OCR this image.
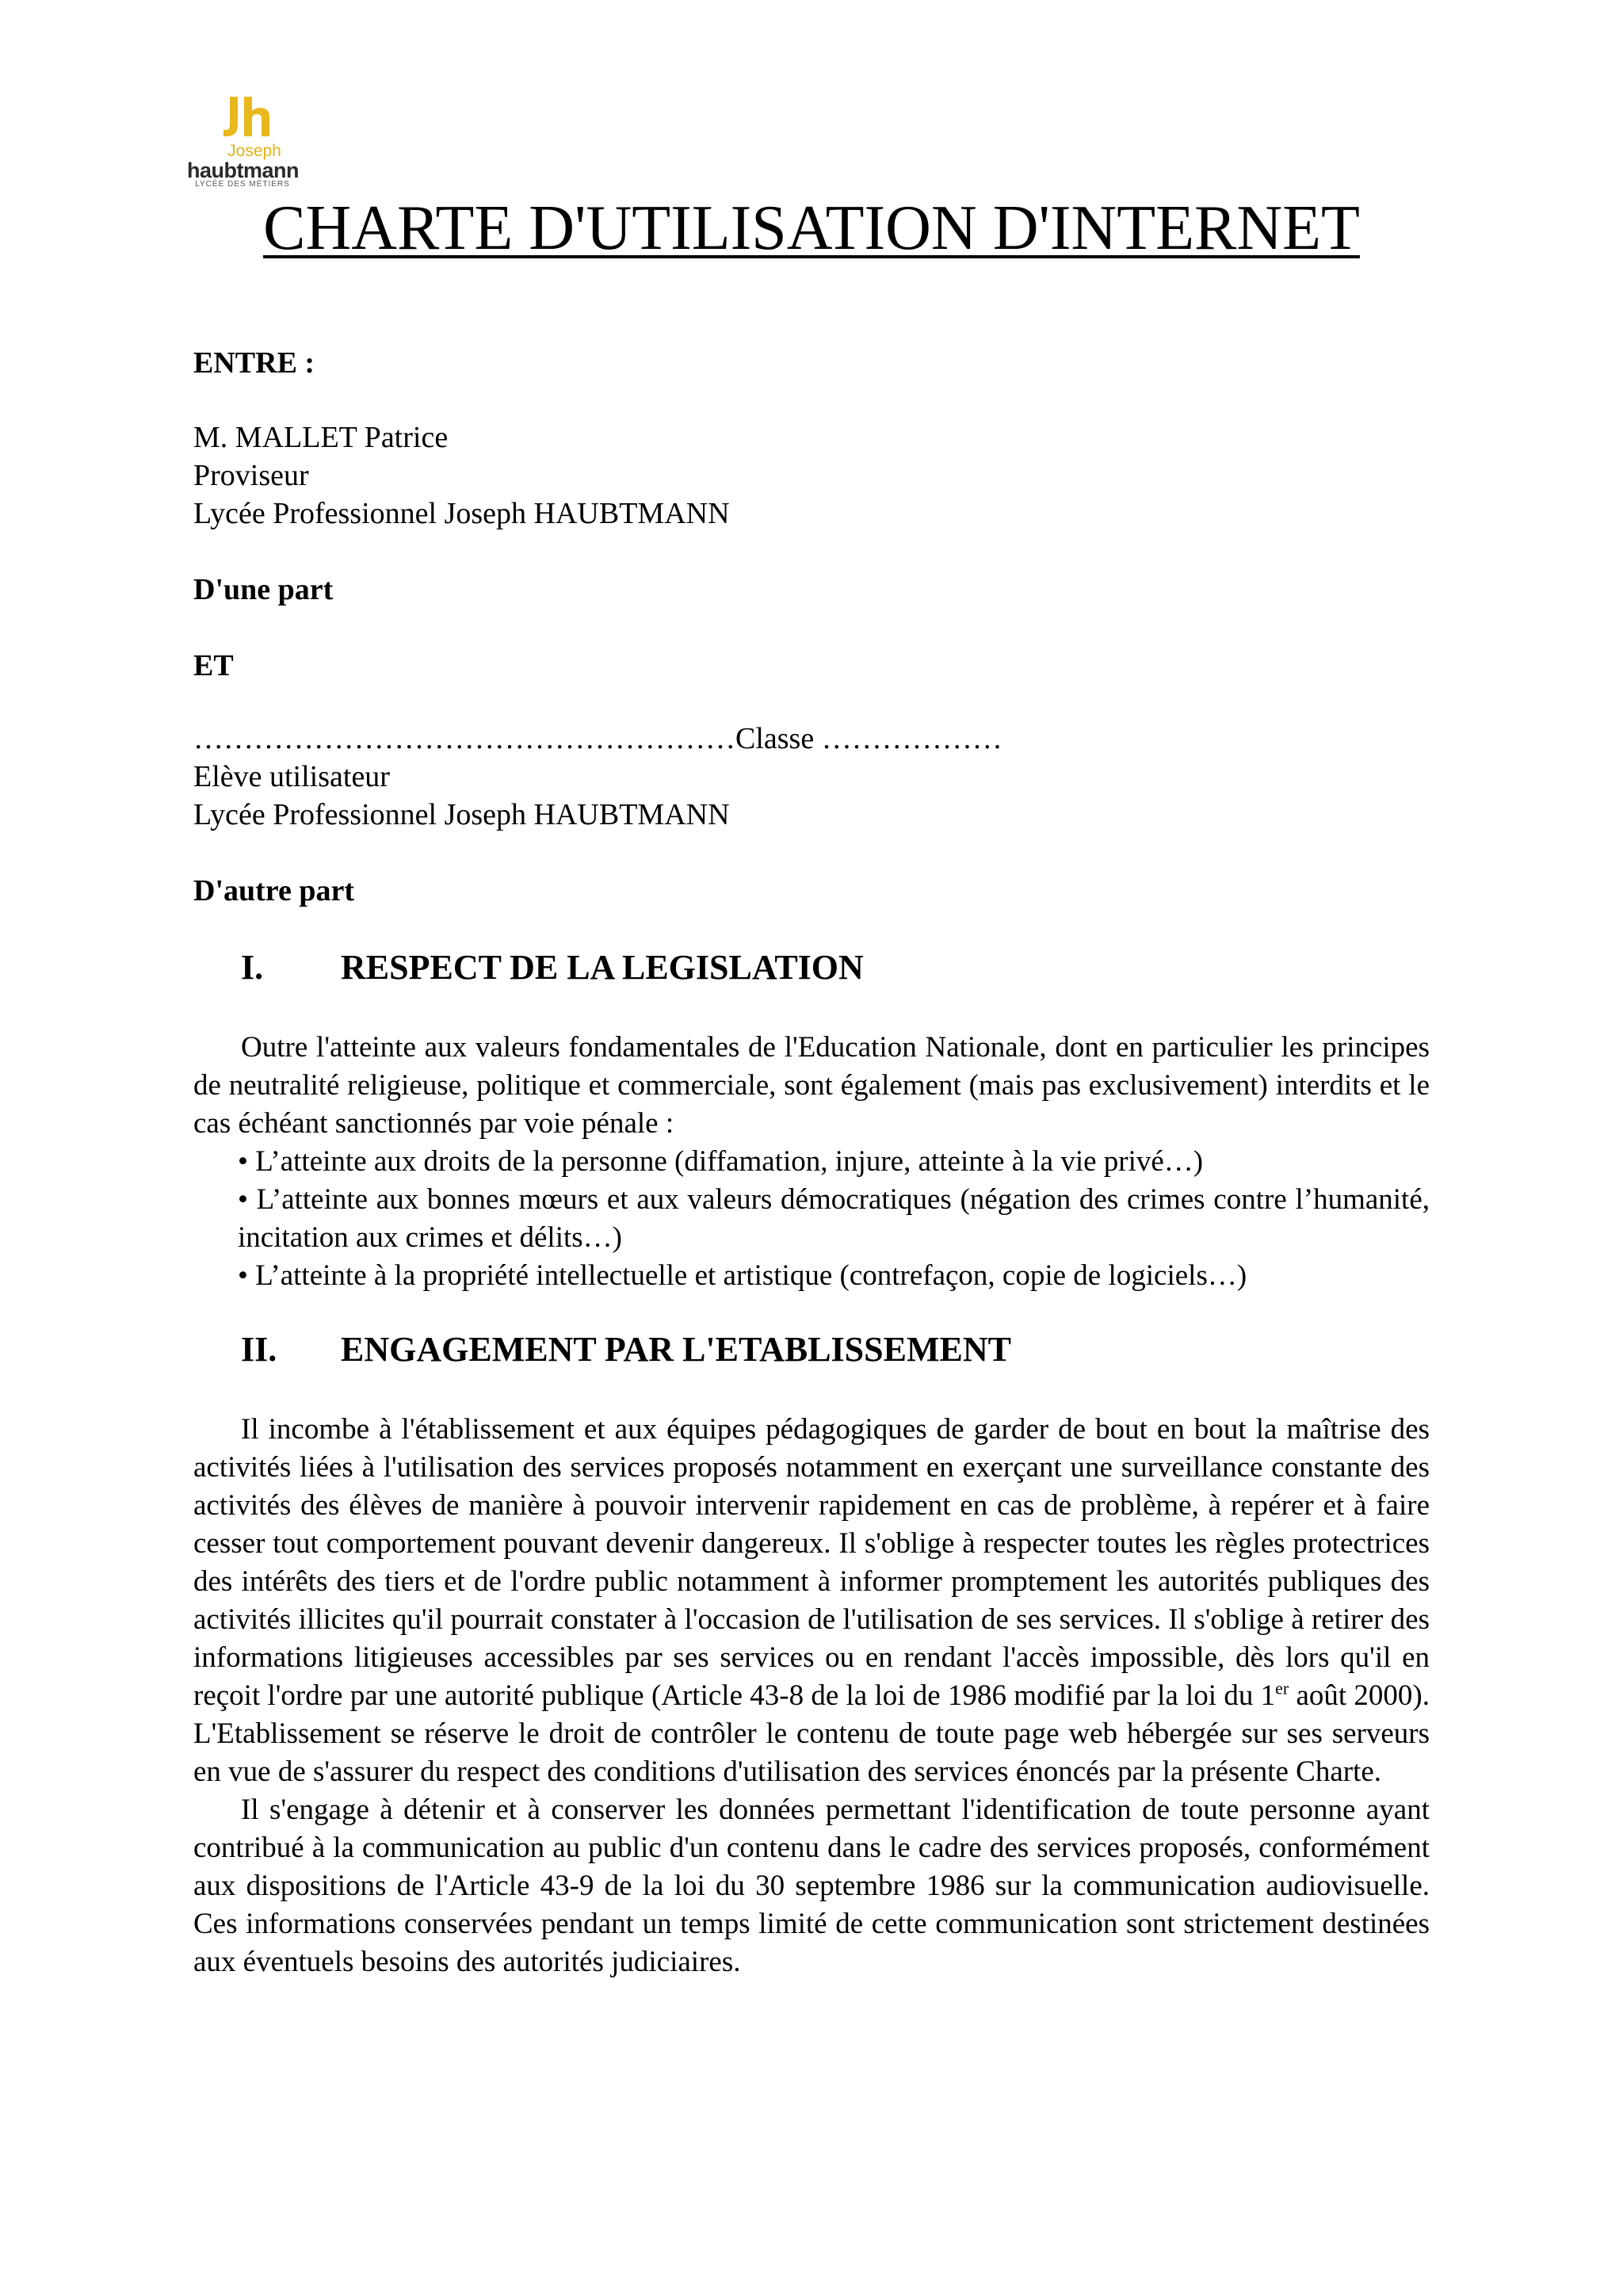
Joseph
haubtmann
LYCÉE DES MÉTIERS
CHARTE D'UTILISATION D'INTERNET
ENTRE :
M. MALLET Patrice
Proviseur
Lycée Professionnel Joseph HAUBTMANN
D'une part
ET
………………………………………………Classe ………………
Elève utilisateur
Lycée Professionnel Joseph HAUBTMANN
D'autre part
I. RESPECT DE LA LEGISLATION

Outre l'atteinte aux valeurs fondamentales de l'Education Nationale, dont en particulier les principes de neutralité religieuse, politique et commerciale, sont également (mais pas exclusivement) interdits et le cas échéant sanctionnés par voie pénale :

• L’atteinte aux droits de la personne (diffamation, injure, atteinte à la vie privé…)
• L’atteinte aux bonnes mœurs et aux valeurs démocratiques (négation des crimes contre l’humanité, incitation aux crimes et délits…)
• L’atteinte à la propriété intellectuelle et artistique (contrefaçon, copie de logiciels…)
II. ENGAGEMENT PAR L'ETABLISSEMENT

Il incombe à l'établissement et aux équipes pédagogiques de garder de bout en bout la maîtrise des activités liées à l'utilisation des services proposés notamment en exerçant une surveillance constante des activités des élèves de manière à pouvoir intervenir rapidement en cas de problème, à repérer et à faire cesser tout comportement pouvant devenir dangereux. Il s'oblige à respecter toutes les règles protectrices des intérêts des tiers et de l'ordre public notamment à informer promptement les autorités publiques des activités illicites qu'il pourrait constater à l'occasion de l'utilisation de ses services. Il s'oblige à retirer des informations litigieuses accessibles par ses services ou en rendant l'accès impossible, dès lors qu'il en reçoit l'ordre par une autorité publique (Article 43-8 de la loi de 1986 modifié par la loi du 1er août 2000). L'Etablissement se réserve le droit de contrôler le contenu de toute page web hébergée sur ses serveurs en vue de s'assurer du respect des conditions d'utilisation des services énoncés par la présente Charte.

Il s'engage à détenir et à conserver les données permettant l'identification de toute personne ayant contribué à la communication au public d'un contenu dans le cadre des services proposés, conformément aux dispositions de l'Article 43-9 de la loi du 30 septembre 1986 sur la communication audiovisuelle. Ces informations conservées pendant un temps limité de cette communication sont strictement destinées aux éventuels besoins des autorités judiciaires.
